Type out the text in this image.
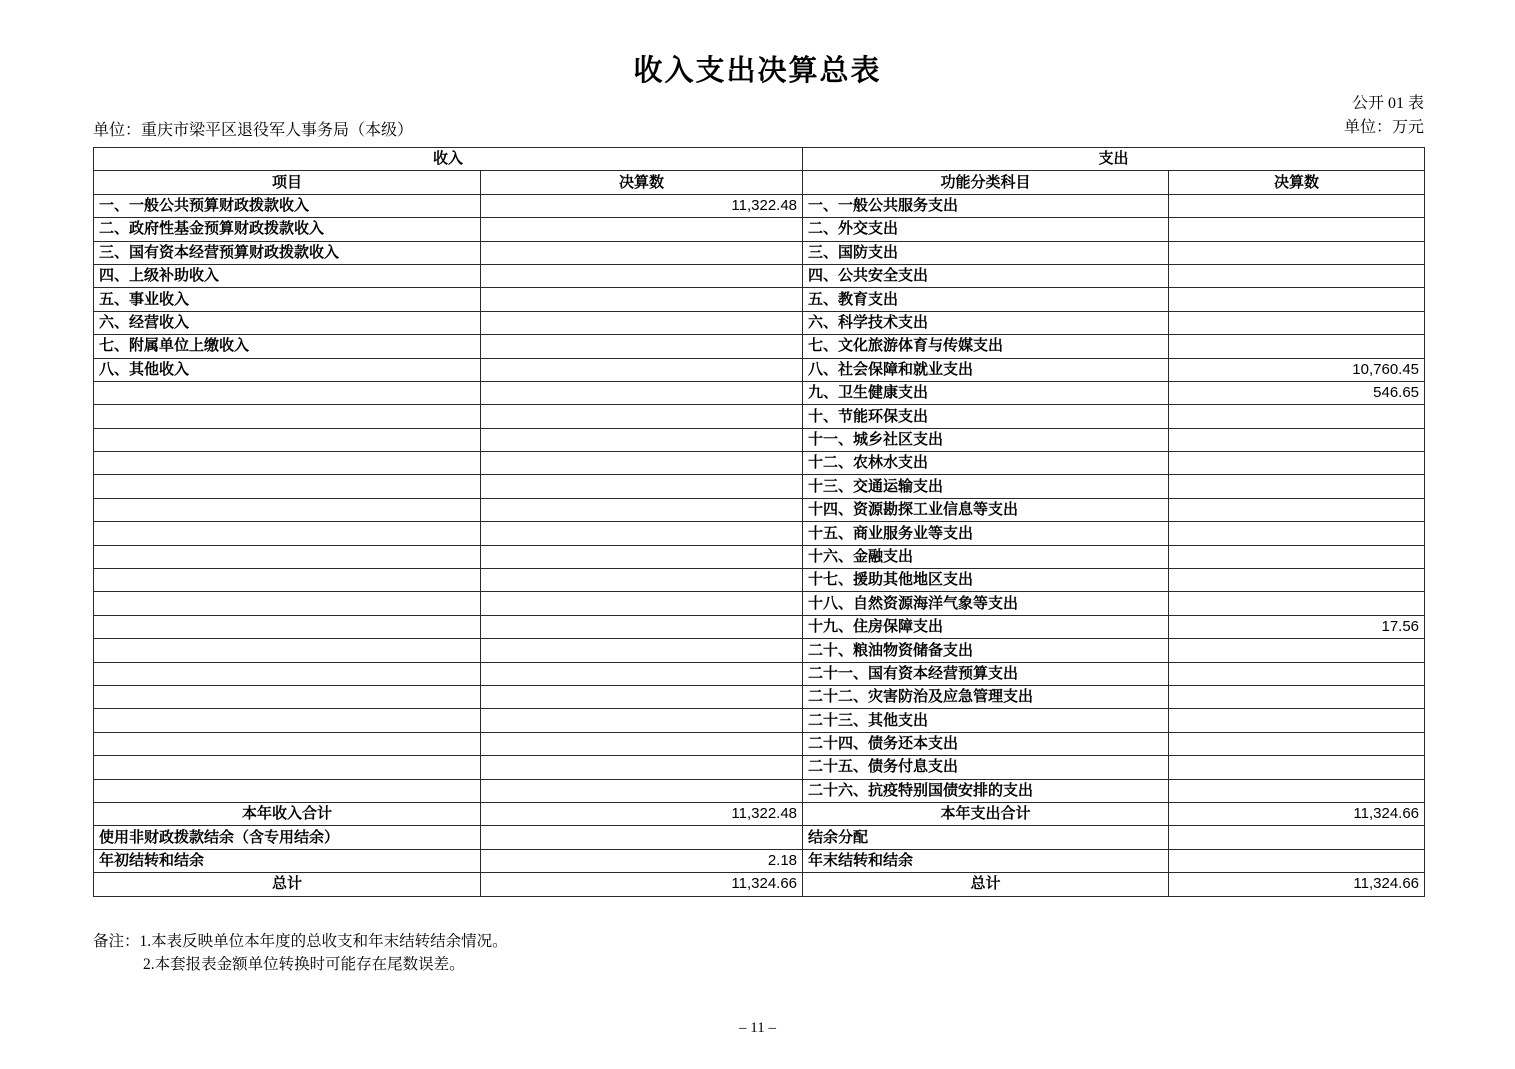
收入支出决算总表
公开 01 表
单位：万元
单位：重庆市梁平区退役军人事务局（本级）
收入		支出	
项目	决算数	功能分类科目	决算数
一、一般公共预算财政拨款收入	11,322.48	一、一般公共服务支出	
二、政府性基金预算财政拨款收入		二、外交支出	
三、国有资本经营预算财政拨款收入		三、国防支出	
四、上级补助收入		四、公共安全支出	
五、事业收入		五、教育支出	
六、经营收入		六、科学技术支出	
七、附属单位上缴收入		七、文化旅游体育与传媒支出	
八、其他收入		八、社会保障和就业支出	10,760.45
		九、卫生健康支出	546.65
		十、节能环保支出	
		十一、城乡社区支出	
		十二、农林水支出	
		十三、交通运输支出	
		十四、资源勘探工业信息等支出	
		十五、商业服务业等支出	
		十六、金融支出	
		十七、援助其他地区支出	
		十八、自然资源海洋气象等支出	
		十九、住房保障支出	17.56
		二十、粮油物资储备支出	
		二十一、国有资本经营预算支出	
		二十二、灾害防治及应急管理支出	
		二十三、其他支出	
		二十四、债务还本支出	
		二十五、债务付息支出	
		二十六、抗疫特别国债安排的支出	
本年收入合计	11,322.48	本年支出合计	11,324.66
使用非财政拨款结余（含专用结余）		结余分配	
年初结转和结余	2.18	年末结转和结余	
总计	11,324.66	总计	11,324.66
备注：1.本表反映单位本年度的总收支和年末结转结余情况。
2.本套报表金额单位转换时可能存在尾数误差。
– 11 –
